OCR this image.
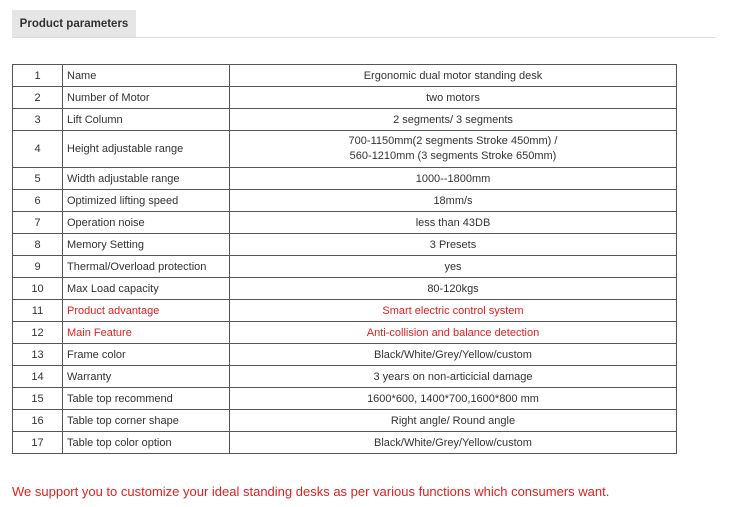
Product parameters
1	Name	Ergonomic dual motor standing desk
2	Number of Motor	two motors
3	Lift Column	2 segments/ 3 segments
4	Height adjustable range	700-1150mm(2 segments Stroke 450mm) /
560-1210mm (3 segments Stroke 650mm)

5	Width adjustable range	1000--1800mm
6	Optimized lifting speed	18mm/s
7	Operation noise	less than 43DB
8	Memory Setting	3 Presets
9	Thermal/Overload protection	yes
10	Max Load capacity	80-120kgs
11	Product advantage	Smart electric control system
12	Main Feature	Anti-collision and balance detection
13	Frame color	Black/White/Grey/Yellow/custom
14	Warranty	3 years on non-articicial damage
15	Table top recommend	1600*600, 1400*700,1600*800 mm
16	Table top corner shape	Right angle/ Round angle
17	Table top color option	Black/White/Grey/Yellow/custom
We support you to customize your ideal standing desks as per various functions which consumers want.
